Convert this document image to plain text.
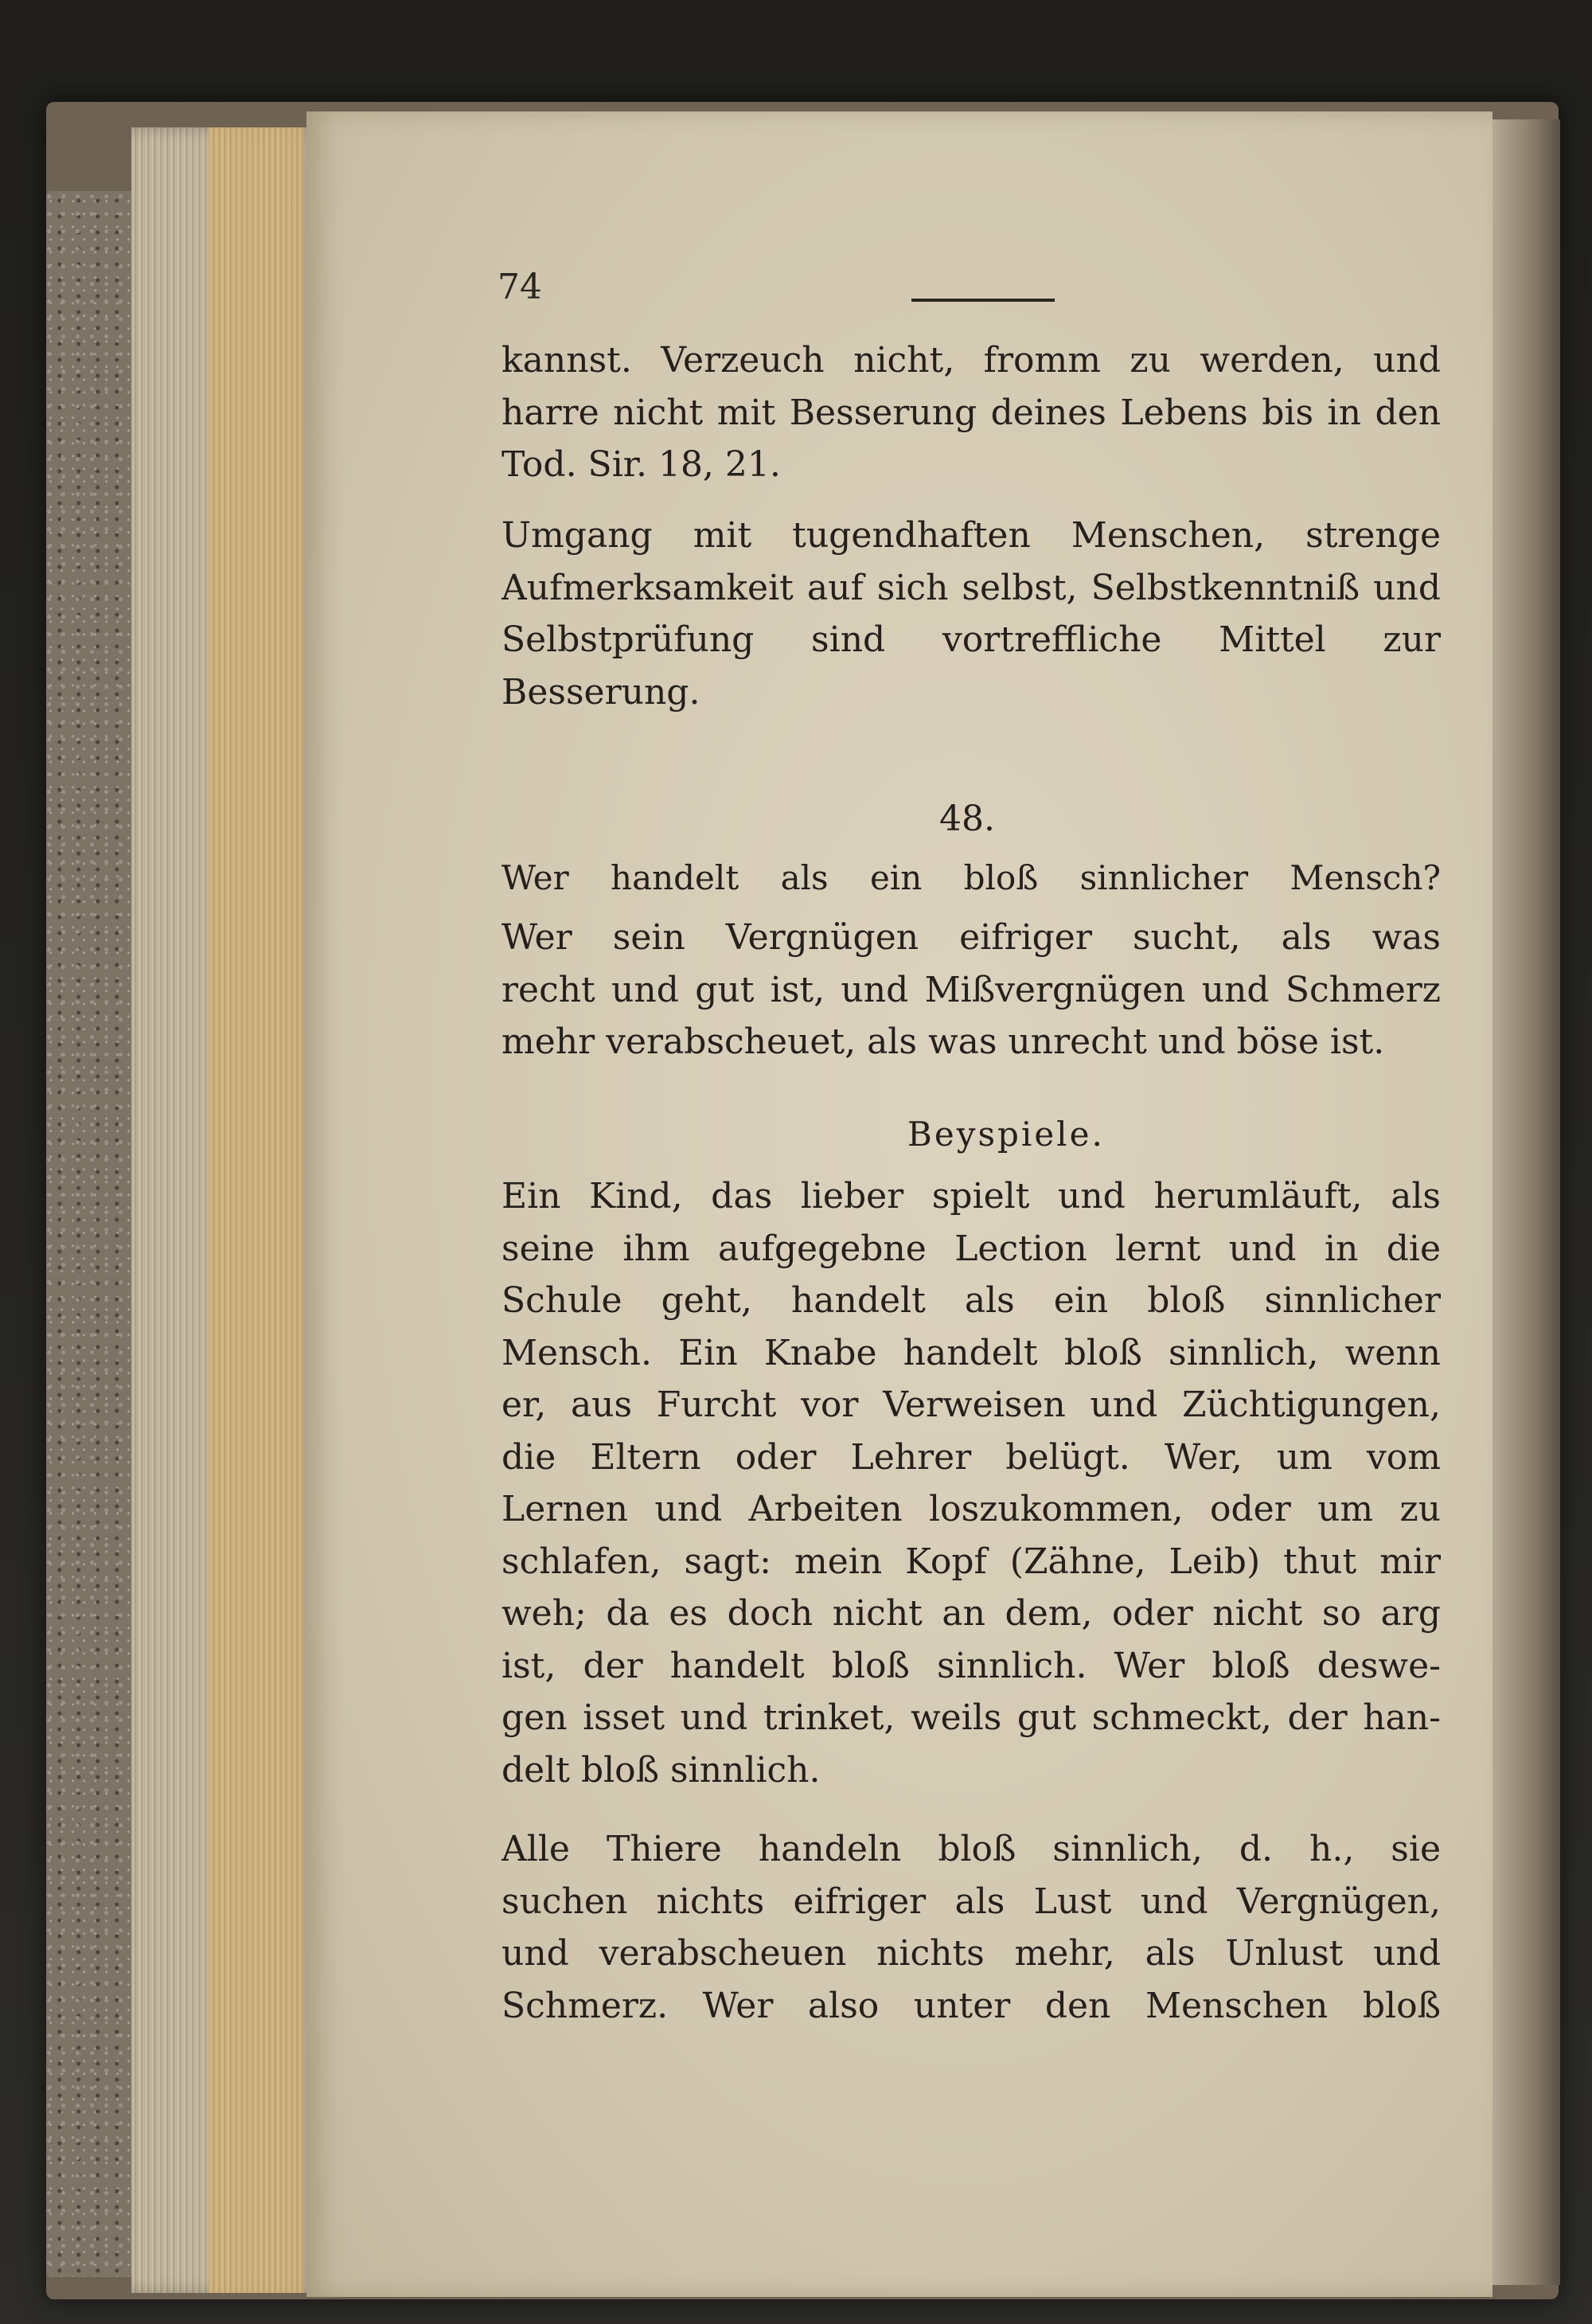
74
kannst. Verzeuch nicht, fromm zu werden, und
harre nicht mit Besserung deines Lebens bis in den
Tod. Sir. 18, 21.
Umgang mit tugendhaften Menschen, strenge
Aufmerksamkeit auf sich selbst, Selbstkenntniß und
Selbstprüfung sind vortreffliche Mittel zur
Besserung.
48.
Wer handelt als ein bloß sinnlicher Mensch?
Wer sein Vergnügen eifriger sucht, als was
recht und gut ist, und Mißvergnügen und Schmerz
mehr verabscheuet, als was unrecht und böse ist.
Beyspiele.
Ein Kind, das lieber spielt und herumläuft, als
seine ihm aufgegebne Lection lernt und in die
Schule geht, handelt als ein bloß sinnlicher
Mensch. Ein Knabe handelt bloß sinnlich, wenn
er, aus Furcht vor Verweisen und Züchtigungen,
die Eltern oder Lehrer belügt. Wer, um vom
Lernen und Arbeiten loszukommen, oder um zu
schlafen, sagt: mein Kopf (Zähne, Leib) thut mir
weh; da es doch nicht an dem, oder nicht so arg
ist, der handelt bloß sinnlich. Wer bloß deswe-
gen isset und trinket, weils gut schmeckt, der han-
delt bloß sinnlich.
Alle Thiere handeln bloß sinnlich, d. h., sie
suchen nichts eifriger als Lust und Vergnügen,
und verabscheuen nichts mehr, als Unlust und
Schmerz. Wer also unter den Menschen bloß
